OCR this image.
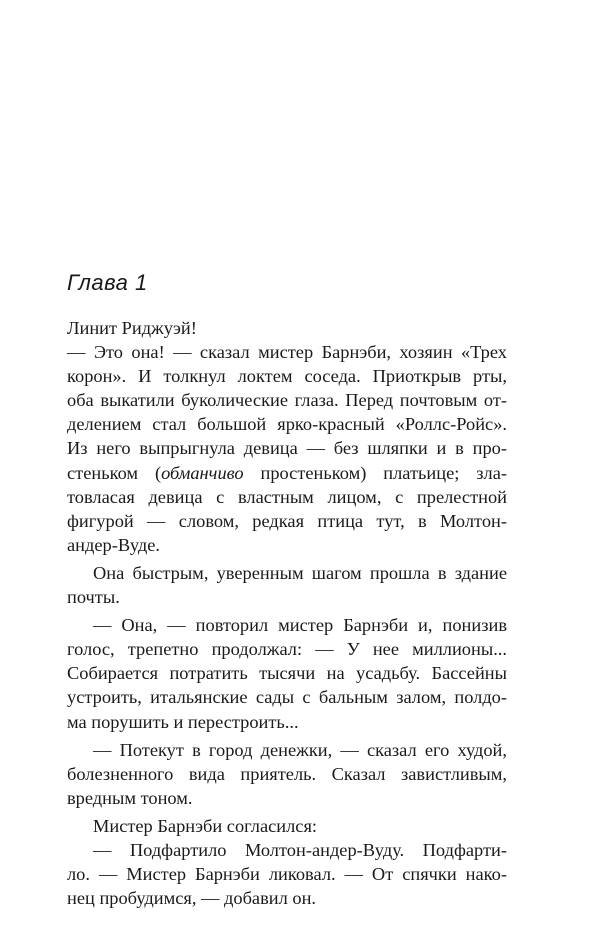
Глава 1
Линит Риджуэй!
— Это она! — сказал мистер Барнэби, хозяин «Трех
корон». И толкнул локтем соседа. Приоткрыв рты,
оба выкатили буколические глаза. Перед почтовым от-
делением стал большой ярко-красный «Роллс-Ройс».
Из него выпрыгнула девица — без шляпки и в про-
стеньком (обманчиво простеньком) платьице; зла-
товласая девица с властным лицом, с прелестной
фигурой — словом, редкая птица тут, в Молтон-
андер-Вуде.
Она быстрым, уверенным шагом прошла в здание
почты.
— Она, — повторил мистер Барнэби и, понизив
голос, трепетно продолжал: — У нее миллионы...
Собирается потратить тысячи на усадьбу. Бассейны
устроить, итальянские сады с бальным залом, полдо-
ма порушить и перестроить...
— Потекут в город денежки, — сказал его худой,
болезненного вида приятель. Сказал завистливым,
вредным тоном.
Мистер Барнэби согласился:
— Подфартило Молтон-андер-Вуду. Подфарти-
ло. — Мистер Барнэби ликовал. — От спячки нако-
нец пробудимся, — добавил он.
